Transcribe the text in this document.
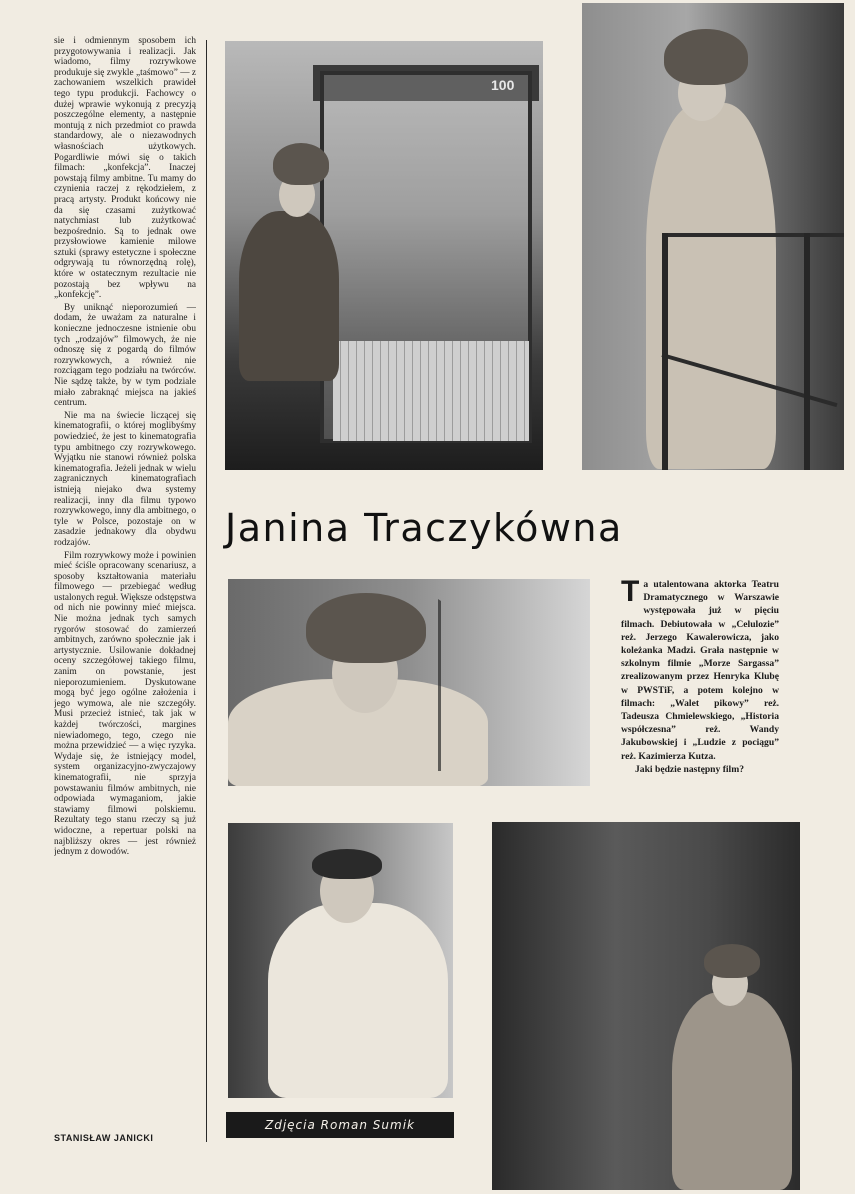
sie i odmiennym sposobem ich przygotowywania i realizacji. Jak wiadomo, filmy rozrywkowe produkuje się zwykle „taśmowo” — z zachowaniem wszelkich prawideł tego typu produkcji. Fachowcy o dużej wprawie wykonują z precyzją poszczególne elementy, a następnie montują z nich przedmiot co prawda standardowy, ale o niezawodnych własnościach użytkowych. Pogardliwie mówi się o takich filmach: „konfekcja”. Inaczej powstają filmy ambitne. Tu mamy do czynienia raczej z rękodziełem, z pracą artysty. Produkt końcowy nie da się czasami zużytkować natychmiast lub zużytkować bezpośrednio. Są to jednak owe przysłowiowe kamienie milowe sztuki (sprawy estetyczne i społeczne odgrywają tu równorzędną rolę), które w ostatecznym rezultacie nie pozostają bez wpływu na „konfekcję”.

By uniknąć nieporozumień — dodam, że uważam za naturalne i konieczne jednoczesne istnienie obu tych „rodzajów” filmowych, że nie odnoszę się z pogardą do filmów rozrywkowych, a również nie rozciągam tego podziału na twórców. Nie sądzę także, by w tym podziale miało zabraknąć miejsca na jakieś centrum.

Nie ma na świecie liczącej się kinematografii, o której moglibyśmy powiedzieć, że jest to kinematografia typu ambitnego czy rozrywkowego. Wyjątku nie stanowi również polska kinematografia. Jeżeli jednak w wielu zagranicznych kinematografiach istnieją niejako dwa systemy realizacji, inny dla filmu typowo rozrywkowego, inny dla ambitnego, o tyle w Polsce, pozostaje on w zasadzie jednakowy dla obydwu rodzajów.

Film rozrywkowy może i powinien mieć ściśle opracowany scenariusz, a sposoby kształtowania materiału filmowego — przebiegać według ustalonych reguł. Większe odstępstwa od nich nie powinny mieć miejsca. Nie można jednak tych samych rygorów stosować do zamierzeń ambitnych, zarówno społecznie jak i artystycznie. Usilowanie dokładnej oceny szczegółowej takiego filmu, zanim on powstanie, jest nieporozumieniem. Dyskutowane mogą być jego ogólne założenia i jego wymowa, ale nie szczegóły. Musi przecież istnieć, tak jak w każdej twórczości, margines niewiadomego, tego, czego nie można przewidzieć — a więc ryzyka. Wydaje się, że istniejący model, system organizacyjno-zwyczajowy kinematografii, nie sprzyja powstawaniu filmów ambitnych, nie odpowiada wymaganiom, jakie stawiamy filmowi polskiemu. Rezultaty tego stanu rzeczy są już widoczne, a repertuar polski na najbliższy okres — jest również jednym z dowodów.

STANISŁAW JANICKI
100
Janina Traczykówna
Ta utalentowana aktorka Teatru Dramatycznego w Warszawie występowała już w pięciu filmach. Debiutowała w „Celulozie” reż. Jerzego Kawalerowicza, jako koleżanka Madzi. Grała następnie w szkolnym filmie „Morze Sargassa” zrealizowanym przez Henryka Klubę w PWSTiF, a potem kolejno w filmach: „Walet pikowy” reż. Tadeusza Chmielewskiego, „Historia współczesna” reż. Wandy Jakubowskiej i „Ludzie z pociągu” reż. Kazimierza Kutza.
Jaki będzie następny film?
Zdjęcia Roman Sumik
